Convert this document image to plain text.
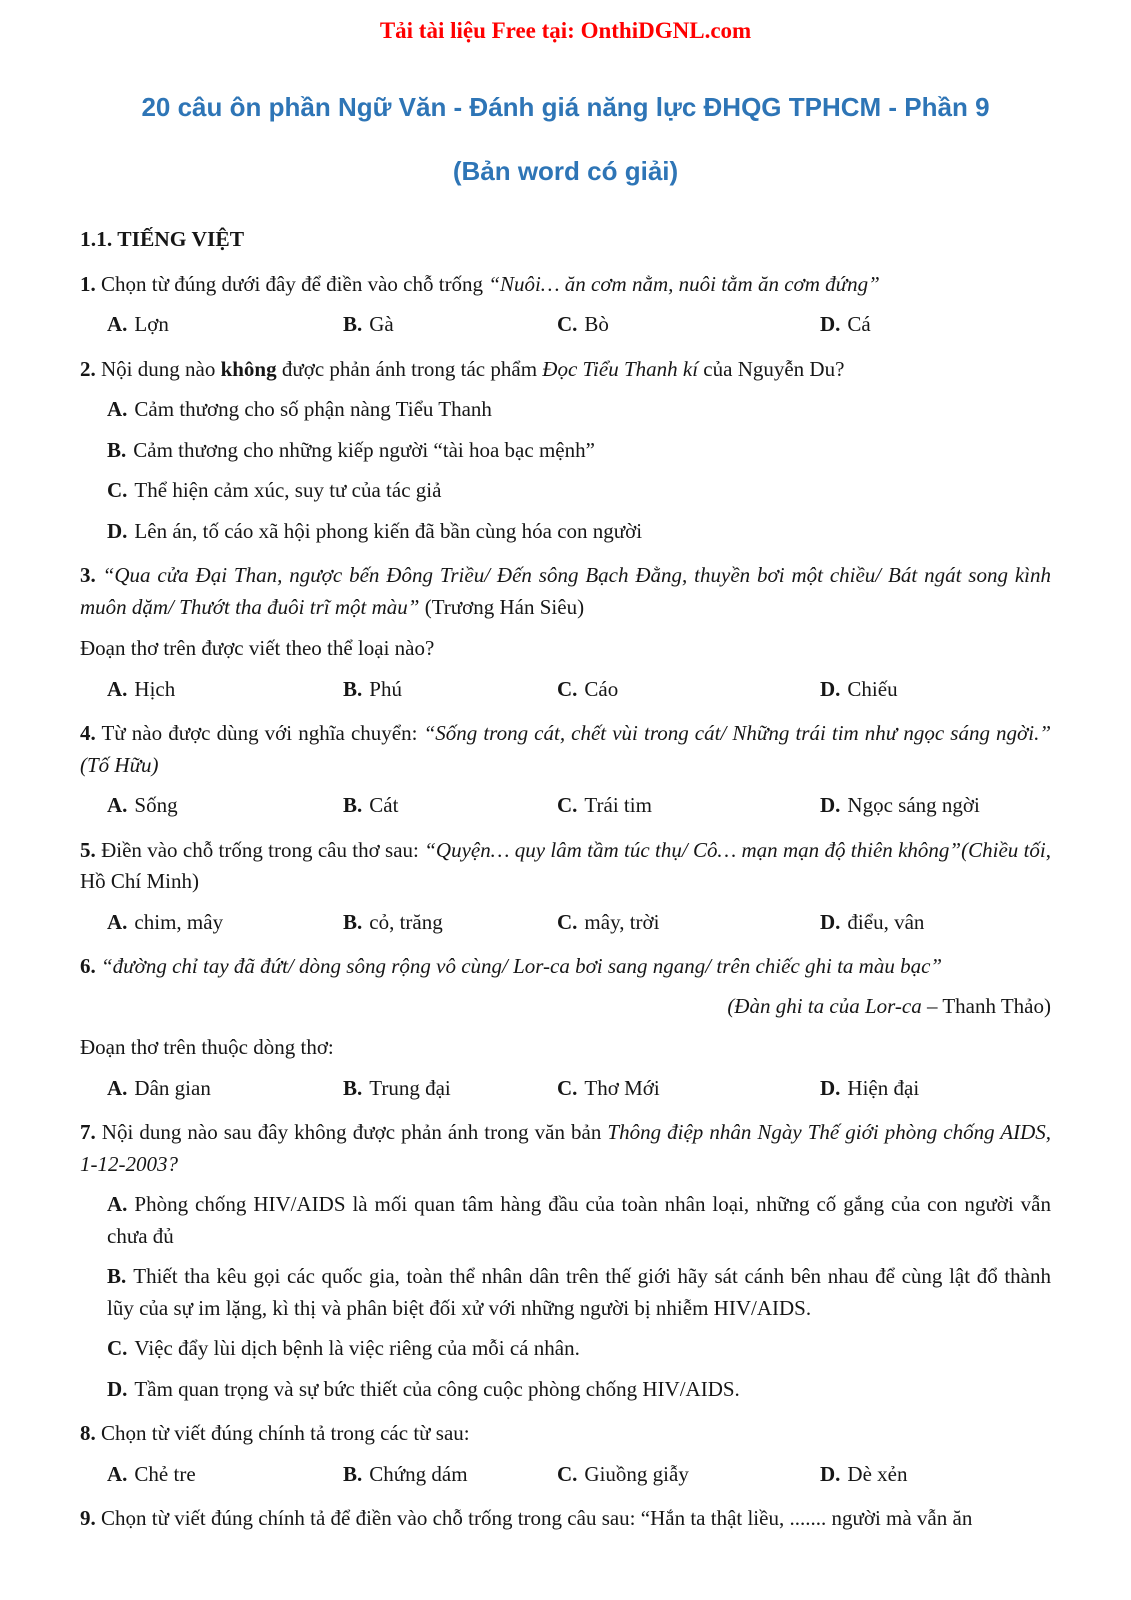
Tải tài liệu Free tại: OnthiDGNL.com
20 câu ôn phần Ngữ Văn - Đánh giá năng lực ĐHQG TPHCM - Phần 9
(Bản word có giải)
1.1. TIẾNG VIỆT

1. Chọn từ đúng dưới đây để điền vào chỗ trống “Nuôi… ăn cơm nằm, nuôi tằm ăn cơm đứng”

A. Lợn	B. Gà	C. Bò	D. Cá

2. Nội dung nào không được phản ánh trong tác phẩm Đọc Tiểu Thanh kí của Nguyễn Du?

A. Cảm thương cho số phận nàng Tiểu Thanh

B. Cảm thương cho những kiếp người “tài hoa bạc mệnh”

C. Thể hiện cảm xúc, suy tư của tác giả

D. Lên án, tố cáo xã hội phong kiến đã bần cùng hóa con người

3. “Qua cửa Đại Than, ngược bến Đông Triều/ Đến sông Bạch Đằng, thuyền bơi một chiều/ Bát ngát song kình muôn dặm/ Thướt tha đuôi trĩ một màu” (Trương Hán Siêu)

Đoạn thơ trên được viết theo thể loại nào?

A. Hịch	B. Phú	C. Cáo	D. Chiếu

4. Từ nào được dùng với nghĩa chuyển: “Sống trong cát, chết vùi trong cát/ Những trái tim như ngọc sáng ngời.” (Tố Hữu)

A. Sống	B. Cát	C. Trái tim	D. Ngọc sáng ngời

5. Điền vào chỗ trống trong câu thơ sau: “Quyện… quy lâm tầm túc thụ/ Cô… mạn mạn độ thiên không”(Chiều tối, Hồ Chí Minh)

A. chim, mây	B. cỏ, trăng	C. mây, trời	D. điểu, vân

6. “đường chỉ tay đã đứt/ dòng sông rộng vô cùng/ Lor-ca bơi sang ngang/ trên chiếc ghi ta màu bạc”

(Đàn ghi ta của Lor-ca – Thanh Thảo)

Đoạn thơ trên thuộc dòng thơ:

A. Dân gian	B. Trung đại	C. Thơ Mới	D. Hiện đại

7. Nội dung nào sau đây không được phản ánh trong văn bản Thông điệp nhân Ngày Thế giới phòng chống AIDS, 1-12-2003?

A. Phòng chống HIV/AIDS là mối quan tâm hàng đầu của toàn nhân loại, những cố gắng của con người vẫn chưa đủ

B. Thiết tha kêu gọi các quốc gia, toàn thể nhân dân trên thế giới hãy sát cánh bên nhau để cùng lật đổ thành lũy của sự im lặng, kì thị và phân biệt đối xử với những người bị nhiễm HIV/AIDS.

C. Việc đẩy lùi dịch bệnh là việc riêng của mỗi cá nhân.

D. Tầm quan trọng và sự bức thiết của công cuộc phòng chống HIV/AIDS.

8. Chọn từ viết đúng chính tả trong các từ sau:

A. Chẻ tre	B. Chứng dám	C. Giuồng giẫy	D. Dè xẻn

9. Chọn từ viết đúng chính tả để điền vào chỗ trống trong câu sau: “Hắn ta thật liều, ....... người mà vẫn ăn
